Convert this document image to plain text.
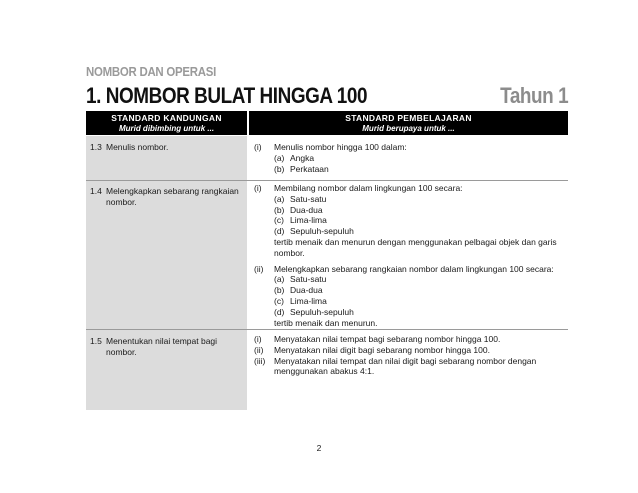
NOMBOR DAN OPERASI
1. NOMBOR BULAT HINGGA 100	Tahun 1
STANDARD KANDUNGAN
Murid dibimbing untuk ...
STANDARD PEMBELAJARAN
Murid berupaya untuk ...
1.3 Menulis nombor.	(i) Menulis nombor hingga 100 dalam:
(a) Angka
(b) Perkataan
1.4 Melengkapkan sebarang rangkaian nombor.
(i) Membilang nombor dalam lingkungan 100 secara:
(a) Satu-satu
(b) Dua-dua
(c) Lima-lima
(d) Sepuluh-sepuluh
tertib menaik dan menurun dengan menggunakan pelbagai objek dan garis nombor.
(ii) Melengkapkan sebarang rangkaian nombor dalam lingkungan 100 secara:
(a) Satu-satu
(b) Dua-dua
(c) Lima-lima
(d) Sepuluh-sepuluh
tertib menaik dan menurun.
1.5 Menentukan nilai tempat bagi nombor.
(i) Menyatakan nilai tempat bagi sebarang nombor hingga 100.
(ii) Menyatakan nilai digit bagi sebarang nombor hingga 100.
(iii) Menyatakan nilai tempat dan nilai digit bagi sebarang nombor dengan menggunakan abakus 4:1.
2
